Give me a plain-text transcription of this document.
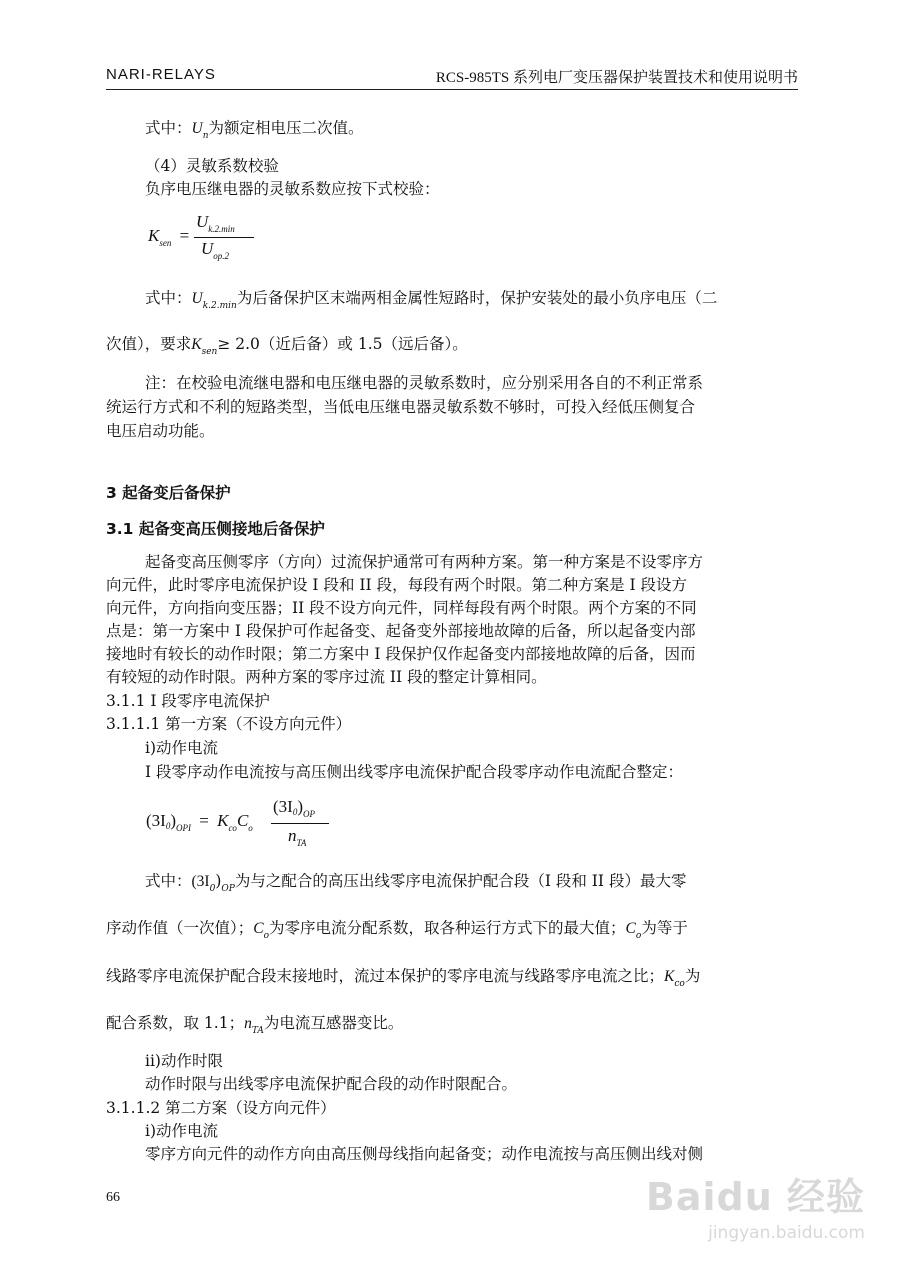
NARI-RELAYS	RCS-985TS 系列电厂变压器保护装置技术和使用说明书
式中：$U_n$为额定相电压二次值。
（4）灵敏系数校验
负序电压继电器的灵敏系数应按下式校验：
$K_{sen}$ =
$U_{k.2.min}$
$U_{op.2}$
式中：$U_{k.2.min}$为后备保护区末端两相金属性短路时，保护安装处的最小负序电压（二
次值），要求$K_{sen}\ge 2.0$（近后备）或 1.5（远后备）。
注：在校验电流继电器和电压继电器的灵敏系数时，应分别采用各自的不利正常系
统运行方式和不利的短路类型，当低电压继电器灵敏系数不够时，可投入经低压侧复合
电压启动功能。
3 起备变后备保护
3.1 起备变高压侧接地后备保护
起备变高压侧零序（方向）过流保护通常可有两种方案。第一种方案是不设零序方
向元件，此时零序电流保护设 I 段和 II 段，每段有两个时限。第二种方案是 I 段设方
向元件，方向指向变压器；II 段不设方向元件，同样每段有两个时限。两个方案的不同
点是：第一方案中 I 段保护可作起备变、起备变外部接地故障的后备，所以起备变内部
接地时有较长的动作时限；第二方案中 I 段保护仅作起备变内部接地故障的后备，因而
有较短的动作时限。两种方案的零序过流 II 段的整定计算相同。
3.1.1 I 段零序电流保护
3.1.1.1 第一方案（不设方向元件）
i)动作电流
I 段零序动作电流按与高压侧出线零序电流保护配合段零序动作电流配合整定：
$(3I_0)_{OPI} = K_{co}C_o$
$(3I_0)_{OP}$
$n_{TA}$
式中：$(3I_0)_{OP}$为与之配合的高压出线零序电流保护配合段（I 段和 II 段）最大零
序动作值（一次值）；$C_o$为零序电流分配系数，取各种运行方式下的最大值；$C_o$为等于
线路零序电流保护配合段末接地时，流过本保护的零序电流与线路零序电流之比；$K_{co}$为
配合系数，取 1.1；$n_{TA}$为电流互感器变比。
ii)动作时限
动作时限与出线零序电流保护配合段的动作时限配合。
3.1.1.2 第二方案（设方向元件）
i)动作电流
零序方向元件的动作方向由高压侧母线指向起备变；动作电流按与高压侧出线对侧
66	Baidu 经验
jingyan.baidu.com
